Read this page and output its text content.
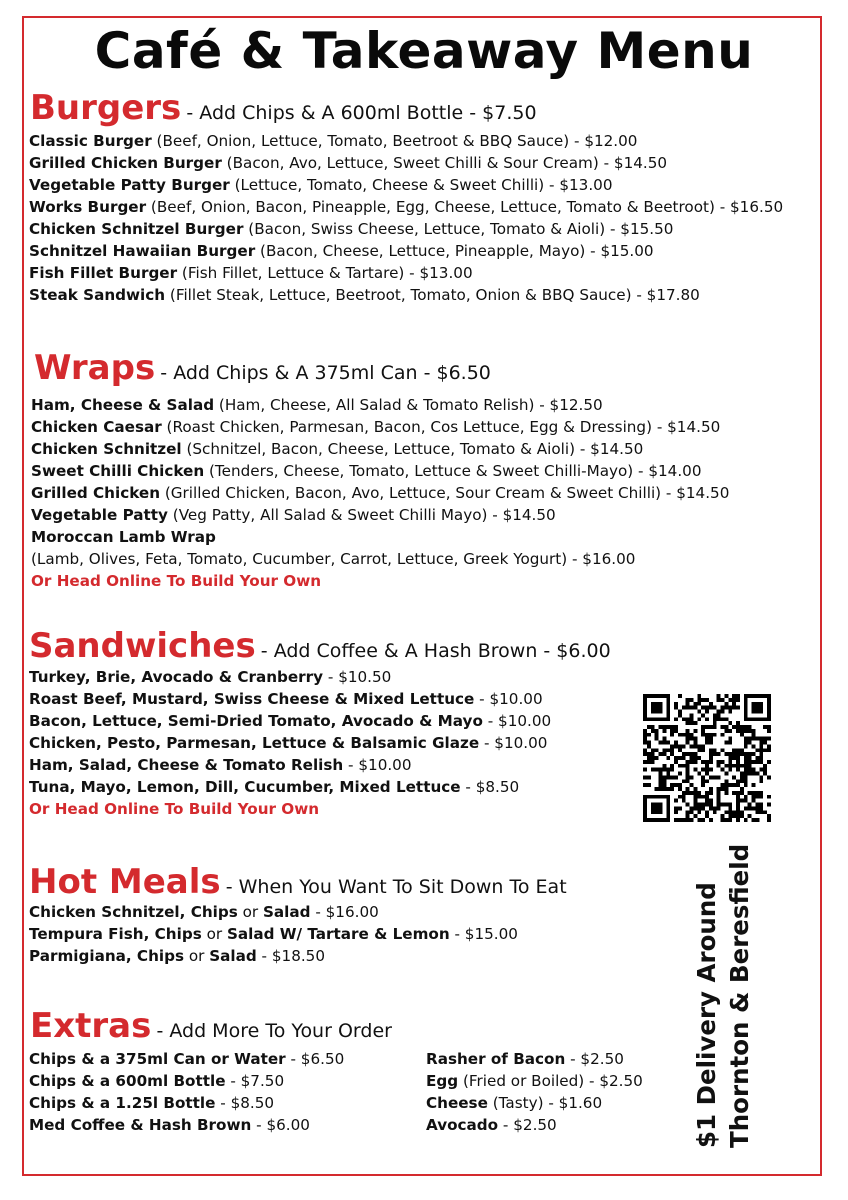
Café & Takeaway Menu
Burgers - Add Chips & A 600ml Bottle - $7.50
Classic Burger (Beef, Onion, Lettuce, Tomato, Beetroot & BBQ Sauce) - $12.00
Grilled Chicken Burger (Bacon, Avo, Lettuce, Sweet Chilli & Sour Cream) - $14.50
Vegetable Patty Burger (Lettuce, Tomato, Cheese & Sweet Chilli) - $13.00
Works Burger (Beef, Onion, Bacon, Pineapple, Egg, Cheese, Lettuce, Tomato & Beetroot) - $16.50
Chicken Schnitzel Burger (Bacon, Swiss Cheese, Lettuce, Tomato & Aioli) - $15.50
Schnitzel Hawaiian Burger (Bacon, Cheese, Lettuce, Pineapple, Mayo) - $15.00
Fish Fillet Burger (Fish Fillet, Lettuce & Tartare) - $13.00
Steak Sandwich (Fillet Steak, Lettuce, Beetroot, Tomato, Onion & BBQ Sauce) - $17.80
Wraps - Add Chips & A 375ml Can - $6.50
Ham, Cheese & Salad (Ham, Cheese, All Salad & Tomato Relish) - $12.50
Chicken Caesar (Roast Chicken, Parmesan, Bacon, Cos Lettuce, Egg & Dressing) - $14.50
Chicken Schnitzel (Schnitzel, Bacon, Cheese, Lettuce, Tomato & Aioli) - $14.50
Sweet Chilli Chicken (Tenders, Cheese, Tomato, Lettuce & Sweet Chilli-Mayo) - $14.00
Grilled Chicken (Grilled Chicken, Bacon, Avo, Lettuce, Sour Cream & Sweet Chilli) - $14.50
Vegetable Patty (Veg Patty, All Salad & Sweet Chilli Mayo) - $14.50
Moroccan Lamb Wrap
(Lamb, Olives, Feta, Tomato, Cucumber, Carrot, Lettuce, Greek Yogurt) - $16.00
Or Head Online To Build Your Own
Sandwiches - Add Coffee & A Hash Brown - $6.00
Turkey, Brie, Avocado & Cranberry - $10.50
Roast Beef, Mustard, Swiss Cheese & Mixed Lettuce - $10.00
Bacon, Lettuce, Semi-Dried Tomato, Avocado & Mayo - $10.00
Chicken, Pesto, Parmesan, Lettuce & Balsamic Glaze - $10.00
Ham, Salad, Cheese & Tomato Relish - $10.00
Tuna, Mayo, Lemon, Dill, Cucumber, Mixed Lettuce - $8.50
Or Head Online To Build Your Own
Hot Meals - When You Want To Sit Down To Eat
Chicken Schnitzel, Chips or Salad - $16.00
Tempura Fish, Chips or Salad W/ Tartare & Lemon - $15.00
Parmigiana, Chips or Salad - $18.50
Extras - Add More To Your Order
Chips & a 375ml Can or Water - $6.50
Chips & a 600ml Bottle - $7.50
Chips & a 1.25l Bottle - $8.50
Med Coffee & Hash Brown - $6.00
Rasher of Bacon - $2.50
Egg (Fried or Boiled) - $2.50
Cheese (Tasty) - $1.60
Avocado - $2.50	$1 Delivery Around Thornton & Beresfield
